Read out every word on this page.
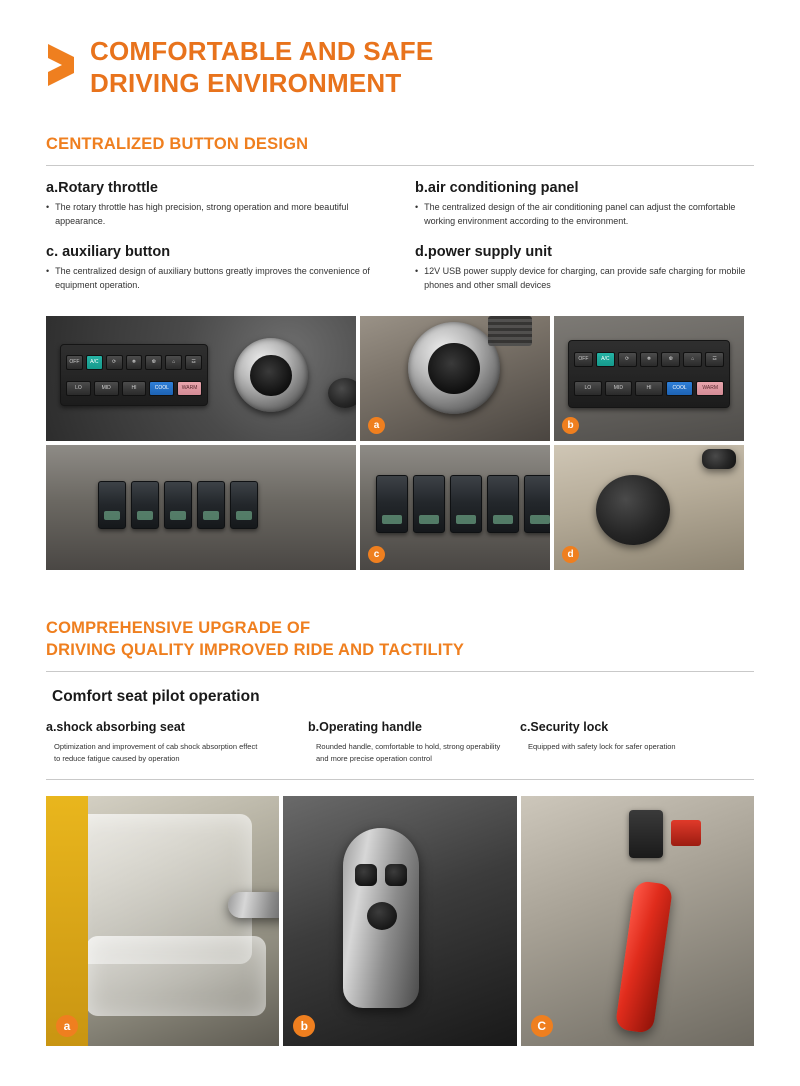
COMFORTABLE AND SAFE
DRIVING ENVIRONMENT
CENTRALIZED BUTTON DESIGN
a.Rotary throttle
• The rotary throttle has high precision, strong operation and more beautiful appearance.
b.air conditioning panel
• The centralized design of the air conditioning panel can adjust the comfortable working environment according to the environment.
c. auxiliary button
• The centralized design of auxiliary buttons greatly improves the convenience of equipment operation.
d.power supply unit
• 12V USB power supply device for charging, can provide safe charging for mobile phones and other small devices
OFF	A/C	⟳	❅	❆	⌂	☲
LO	MID	HI	COOL	WARM
a
OFF	A/C	⟳	❅	❆	⌂	☲
LO	MID	HI	COOL	WARM
b
c	d
COMPREHENSIVE UPGRADE OF
DRIVING QUALITY IMPROVED RIDE AND TACTILITY
Comfort seat pilot operation
a.shock absorbing seat
Optimization and improvement of cab shock absorption effect to reduce fatigue caused by operation
b.Operating handle
Rounded handle, comfortable to hold, strong operability and more precise operation control
c.Security lock
Equipped with safety lock for safer operation
a	b	C
